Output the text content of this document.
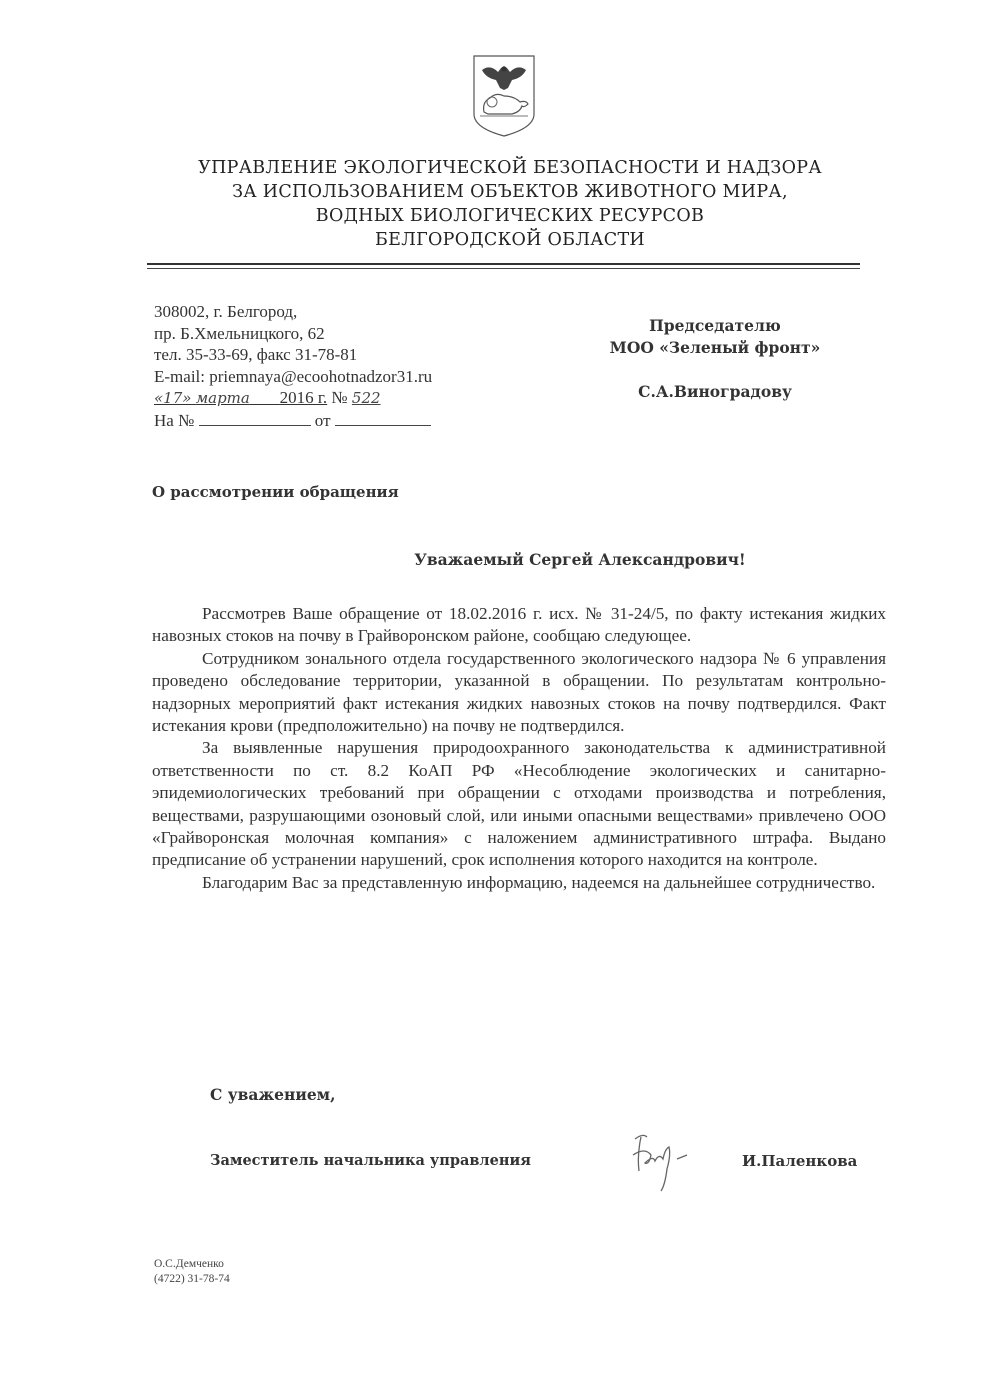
УПРАВЛЕНИЕ ЭКОЛОГИЧЕСКОЙ БЕЗОПАСНОСТИ И НАДЗОРА
ЗА ИСПОЛЬЗОВАНИЕМ ОБЪЕКТОВ ЖИВОТНОГО МИРА,
ВОДНЫХ БИОЛОГИЧЕСКИХ РЕСУРСОВ
БЕЛГОРОДСКОЙ ОБЛАСТИ
308002, г. Белгород,
пр. Б.Хмельницкого, 62
тел. 35-33-69, факс 31-78-81
E-mail: priemnaya@ecoohotnadzor31.ru
«17» марта 2016 г. № 522
На №	от
Председателю
МОО «Зеленый фронт»
С.А.Виноградову
О рассмотрении обращения
Уважаемый Сергей Александрович!

Рассмотрев Ваше обращение от 18.02.2016 г. исх. № 31-24/5, по факту истекания жидких навозных стоков на почву в Грайворонском районе, сообщаю следующее.

Сотрудником зонального отдела государственного экологического надзора № 6 управления проведено обследование территории, указанной в обращении. По результатам контрольно-надзорных мероприятий факт истекания жидких навозных стоков на почву подтвердился. Факт истекания крови (предположительно) на почву не подтвердился.

За выявленные нарушения природоохранного законодательства к административной ответственности по ст. 8.2 КоАП РФ «Несоблюдение экологических и санитарно-эпидемиологических требований при обращении с отходами производства и потребления, веществами, разрушающими озоновый слой, или иными опасными веществами» привлечено ООО «Грайворонская молочная компания» с наложением административного штрафа. Выдано предписание об устранении нарушений, срок исполнения которого находится на контроле.

Благодарим Вас за представленную информацию, надеемся на дальнейшее сотрудничество.

С уважением,
Заместитель начальника управления	И.Паленкова
О.С.Демченко
(4722) 31-78-74
